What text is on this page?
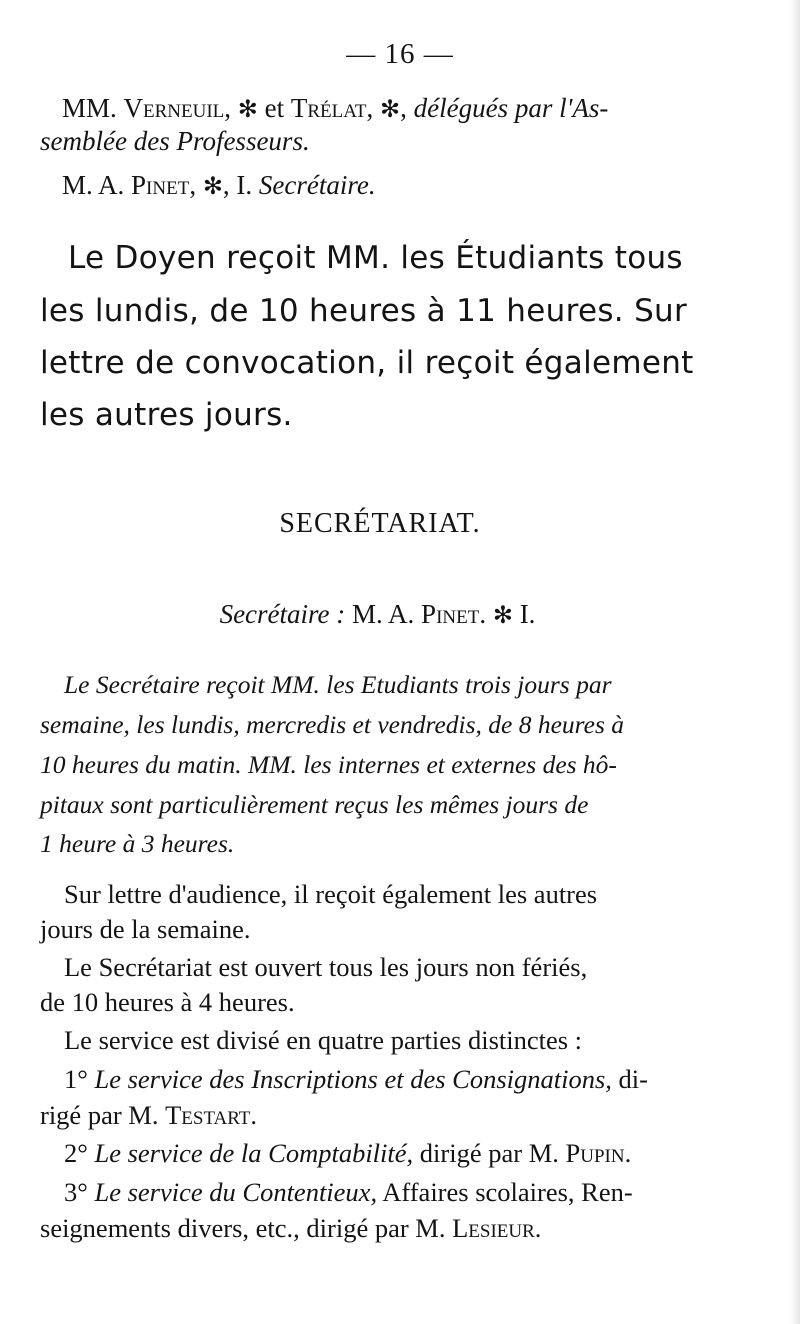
— 16 —
MM. Verneuil, ✻ et Trélat, ✻, délégués par l'As-
semblée des Professeurs.
M. A. Pinet, ✻, I. Secrétaire.
Le Doyen reçoit MM. les Étudiants tous
les lundis, de 10 heures à 11 heures. Sur
lettre de convocation, il reçoit également
les autres jours.
SECRÉTARIAT.
Secrétaire : M. A. Pinet. ✻ I.
Le Secrétaire reçoit MM. les Etudiants trois jours par
semaine, les lundis, mercredis et vendredis, de 8 heures à
10 heures du matin. MM. les internes et externes des hô-
pitaux sont particulièrement reçus les mêmes jours de
1 heure à 3 heures.
Sur lettre d'audience, il reçoit également les autres
jours de la semaine.
Le Secrétariat est ouvert tous les jours non fériés,
de 10 heures à 4 heures.
Le service est divisé en quatre parties distinctes :
1° Le service des Inscriptions et des Consignations, di-
rigé par M. Testart.
2° Le service de la Comptabilité, dirigé par M. Pupin.
3° Le service du Contentieux, Affaires scolaires, Ren-
seignements divers, etc., dirigé par M. Lesieur.
